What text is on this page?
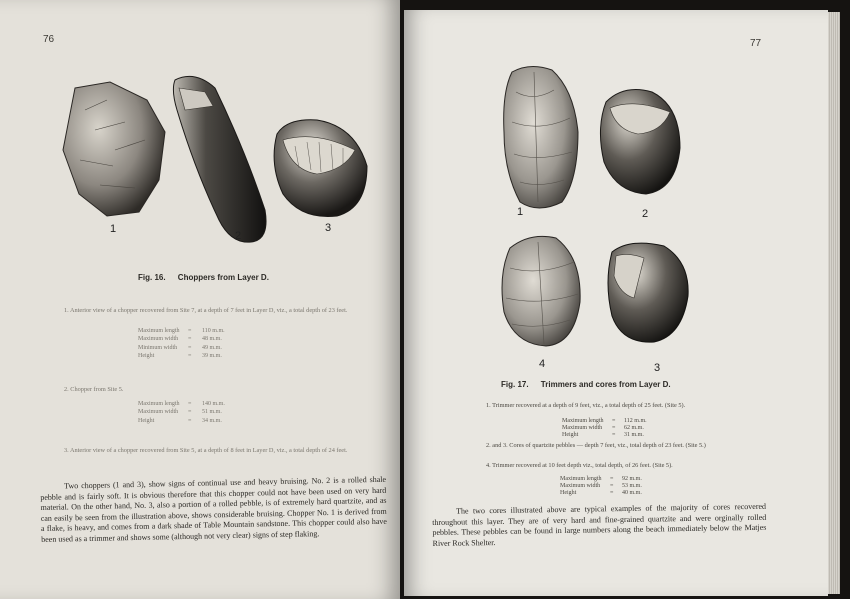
76
1
2
3
Fig. 16. Choppers from Layer D.
1. Anterior view of a chopper recovered from Site 7, at a depth of 7 feet in Layer D, viz., a total depth of 23 feet.
Maximum length	=	110 m.m.
Maximum width	=	48 m.m.
Minimum width	=	49 m.m.
Height	=	39 m.m.
2. Chopper from Site 5.
Maximum length	=	140 m.m.
Maximum width	=	51 m.m.
Height	=	34 m.m.
3. Anterior view of a chopper recovered from Site 5, at a depth of 8 feet in Layer D, viz., a total depth of 24 feet.
Two choppers (1 and 3), show signs of continual use and heavy bruising. No. 2 is a rolled shale pebble and is fairly soft. It is obvious therefore that this chopper could not have been used on very hard material. On the other hand, No. 3, also a portion of a rolled pebble, is of extremely hard quartzite, and as can easily be seen from the illustration above, shows considerable bruising. Chopper No. 1 is derived from a flake, is heavy, and comes from a dark shade of Table Mountain sandstone. This chopper could also have been used as a trimmer and shows some (although not very clear) signs of step flaking.
77
1	2
4	3
Fig. 17. Trimmers and cores from Layer D.
1. Trimmer recovered at a depth of 9 feet, viz., a total depth of 25 feet. (Site 5).
Maximum length	=	112 m.m.
Maximum width	=	62 m.m.
Height	=	31 m.m.
2. and 3. Cores of quartzite pebbles — depth 7 feet, viz., total depth of 23 feet. (Site 5.)
4. Trimmer recovered at 10 feet depth viz., total depth, of 26 feet. (Site 5).
Maximum length	=	92 m.m.
Maximum width	=	53 m.m.
Height	=	40 m.m.
The two cores illustrated above are typical examples of the majority of cores recovered throughout this layer. They are of very hard and fine-grained quartzite and were orginally rolled pebbles. These pebbles can be found in large numbers along the beach immediately below the Matjes River Rock Shelter.
